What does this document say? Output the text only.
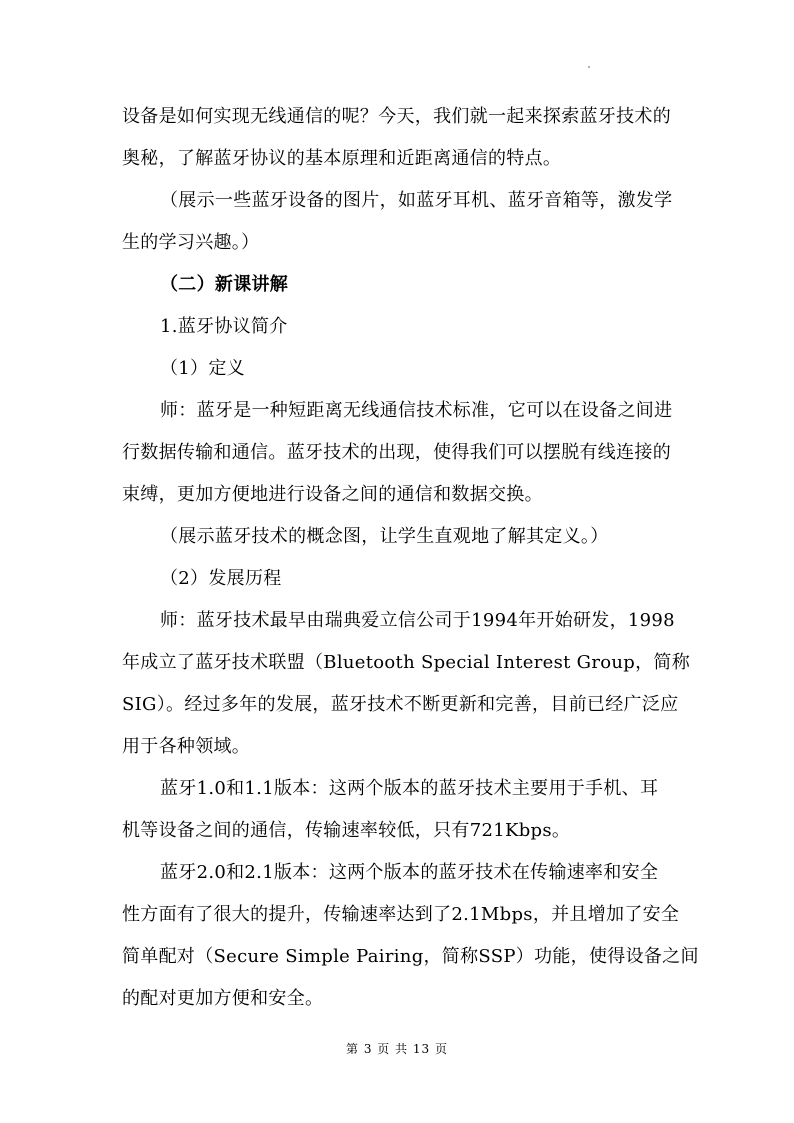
设备是如何实现无线通信的呢？今天，我们就一起来探索蓝牙技术的
奥秘，了解蓝牙协议的基本原理和近距离通信的特点。
（展示一些蓝牙设备的图片，如蓝牙耳机、蓝牙音箱等，激发学
生的学习兴趣。）
（二）新课讲解
1.蓝牙协议简介
（1）定义
师：蓝牙是一种短距离无线通信技术标准，它可以在设备之间进
行数据传输和通信。蓝牙技术的出现，使得我们可以摆脱有线连接的
束缚，更加方便地进行设备之间的通信和数据交换。
（展示蓝牙技术的概念图，让学生直观地了解其定义。）
（2）发展历程
师：蓝牙技术最早由瑞典爱立信公司于1994年开始研发，1998
年成立了蓝牙技术联盟（Bluetooth Special Interest Group，简称
SIG）。经过多年的发展，蓝牙技术不断更新和完善，目前已经广泛应
用于各种领域。
蓝牙1.0和1.1版本：这两个版本的蓝牙技术主要用于手机、耳
机等设备之间的通信，传输速率较低，只有721Kbps。
蓝牙2.0和2.1版本：这两个版本的蓝牙技术在传输速率和安全
性方面有了很大的提升，传输速率达到了2.1Mbps，并且增加了安全
简单配对（Secure Simple Pairing，简称SSP）功能，使得设备之间
的配对更加方便和安全。
第 3 页 共 13 页
